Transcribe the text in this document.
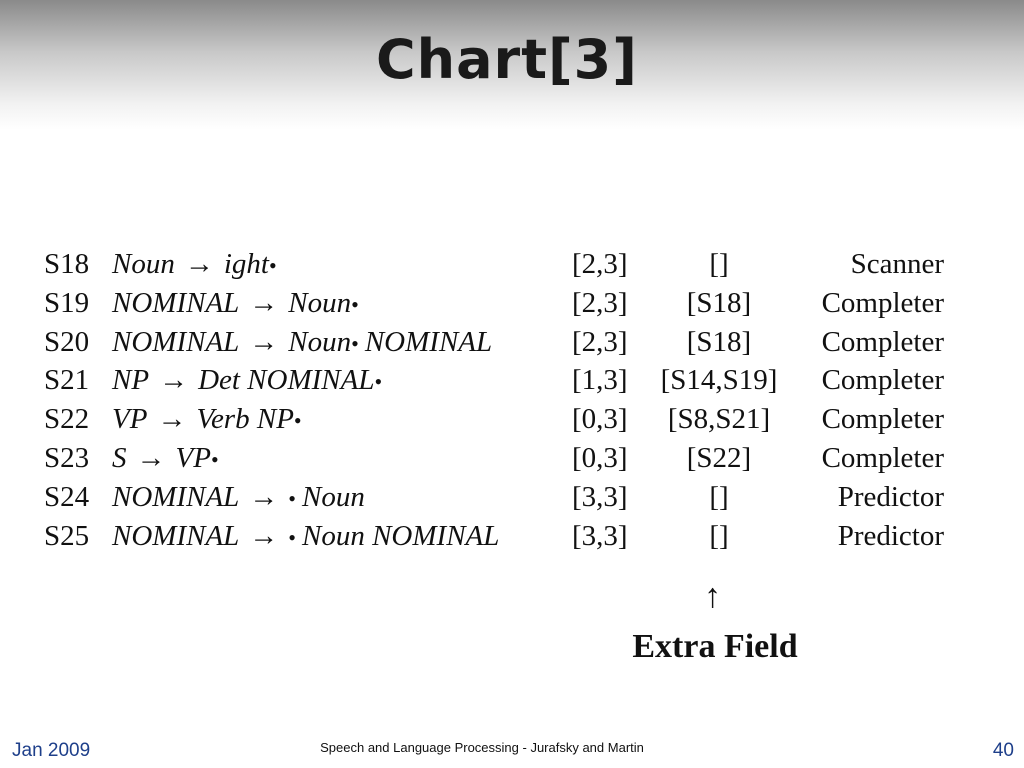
Chart[3]
S18 Noun → ight•	[2,3]	[]	Scanner
S19 NOMINAL → Noun•	[2,3]	[S18]	Completer
S20 NOMINAL → Noun• NOMINAL	[2,3]	[S18]	Completer
S21 NP → Det NOMINAL•	[1,3]	[S14,S19]	Completer
S22 VP → Verb NP•	[0,3]	[S8,S21]	Completer
S23 S → VP•	[0,3]	[S22]	Completer
S24 NOMINAL → • Noun	[3,3]	[]	Predictor
S25 NOMINAL → • Noun NOMINAL	[3,3]	[]	Predictor
↑
Extra Field
Jan 2009	Speech and Language Processing - Jurafsky and Martin	40
